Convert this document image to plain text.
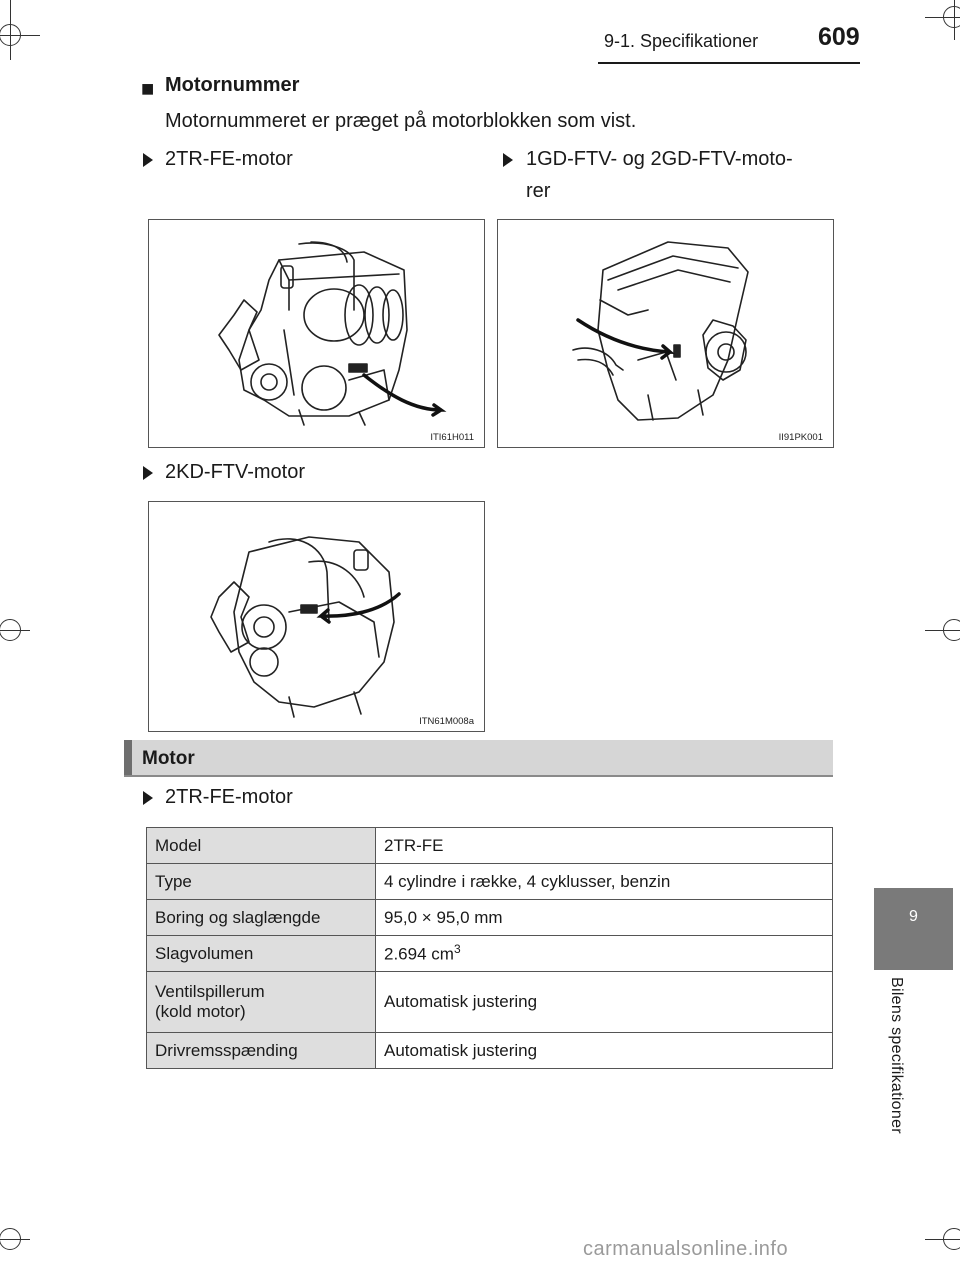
9-1. Specifikationer 609
9
Bilens specifikationer
■ Motornummer
Motornummeret er præget på motorblokken som vist.
2TR-FE-motor	1GD-FTV- og 2GD-FTV-moto-
rer
ITI61H011	II91PK001
2KD-FTV-motor
ITN61M008a
Motor
2TR-FE-motor
Model	2TR-FE
Type	4 cylindre i række, 4 cyklusser, benzin
Boring og slaglængde	95,0 × 95,0 mm
Slagvolumen	2.694 $cm^3$

Ventilspillerum
(kold motor)	Automatisk justering
Drivremsspænding	Automatisk justering
carmanualsonline.info
